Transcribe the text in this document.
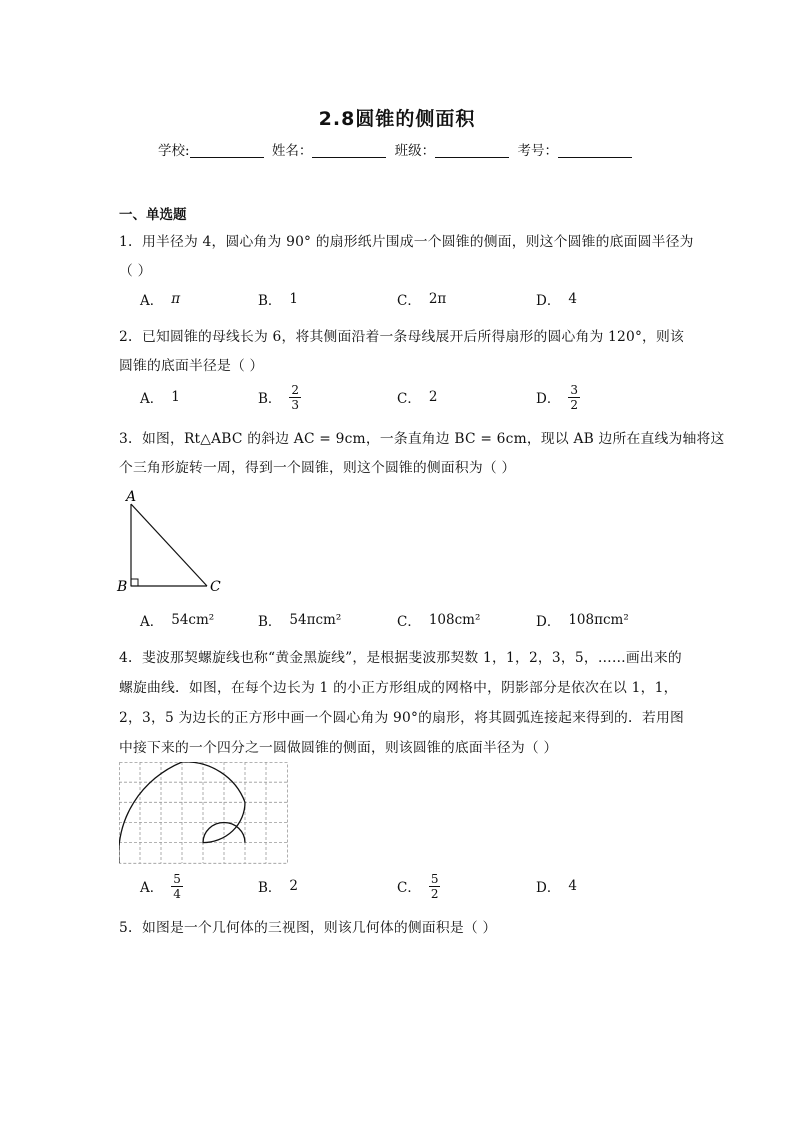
2.8圆锥的侧面积
学校:	姓名：	班级：	考号：
一、单选题
1．用半径为 4，圆心角为 90° 的扇形纸片围成一个圆锥的侧面，则这个圆锥的底面圆半径为
（ ）
A． π	B． 1	C． 2π	D． 4
2．已知圆锥的母线长为 6，将其侧面沿着一条母线展开后所得扇形的圆心角为 120°，则该
圆锥的底面半径是（ ）
A． 1	B． $\frac{2}{3}$	C． 2	D． $\frac{3}{2}$
3．如图，Rt△ABC 的斜边 AC = 9cm，一条直角边 BC = 6cm，现以 AB 边所在直线为轴将这
个三角形旋转一周，得到一个圆锥，则这个圆锥的侧面积为（ ）
A
B	C
A． 54cm²	B． 54πcm²	C． 108cm²	D． 108πcm²
4．斐波那契螺旋线也称“黄金黑旋线”，是根据斐波那契数 1，1，2，3，5，……画出来的
螺旋曲线．如图，在每个边长为 1 的小正方形组成的网格中，阴影部分是依次在以 1，1，
2，3，5 为边长的正方形中画一个圆心角为 90°的扇形，将其圆弧连接起来得到的．若用图
中接下来的一个四分之一圆做圆锥的侧面，则该圆锥的底面半径为（ ）
A． $\frac{5}{4}$	B． 2	C． $\frac{5}{2}$	D． 4
5．如图是一个几何体的三视图，则该几何体的侧面积是（ ）
